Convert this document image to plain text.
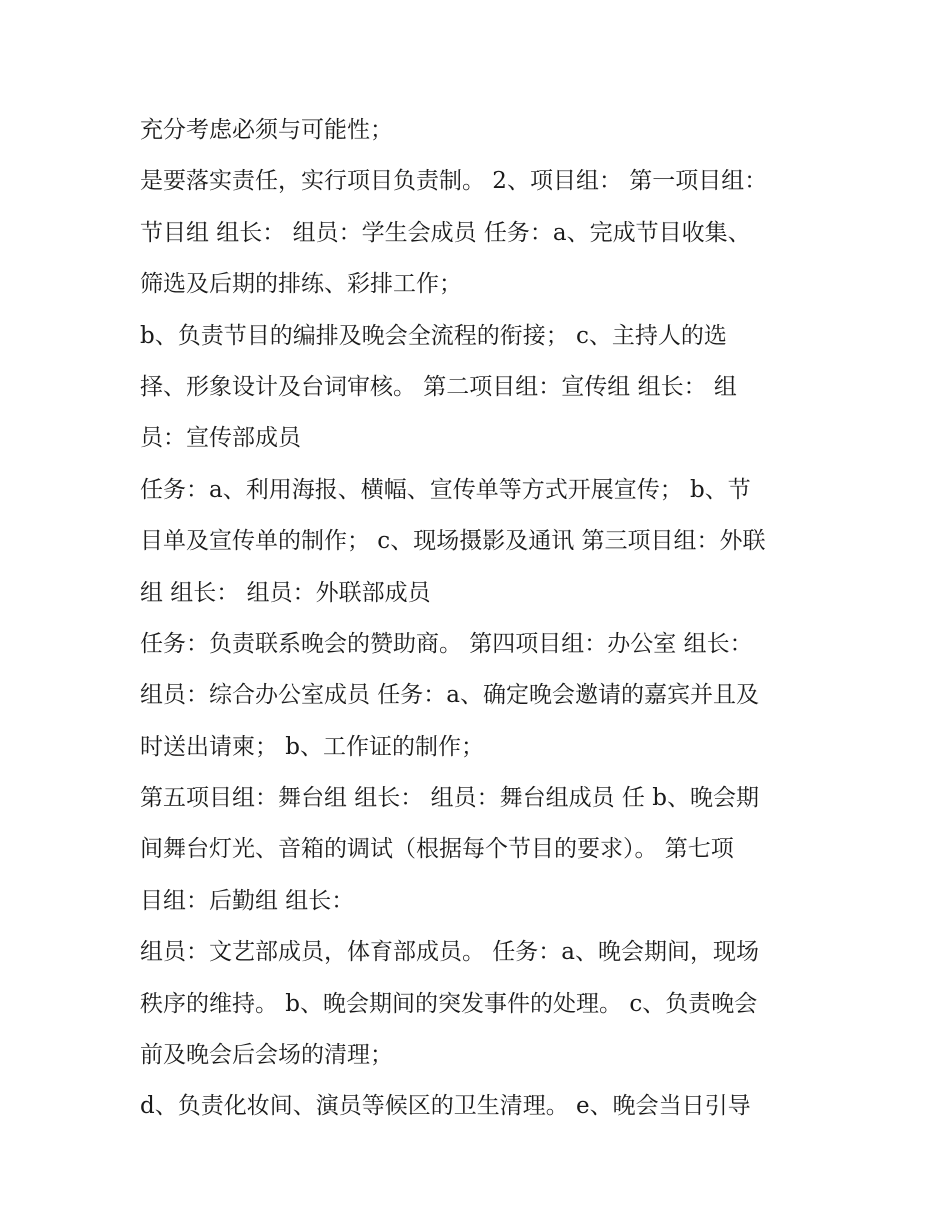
充分考虑必须与可能性；
是要落实责任，实行项目负责制。 2、项目组： 第一项目组：
节目组 组长： 组员：学生会成员 任务：a、完成节目收集、
筛选及后期的排练、彩排工作；
b、负责节目的编排及晚会全流程的衔接； c、主持人的选
择、形象设计及台词审核。 第二项目组：宣传组 组长： 组
员：宣传部成员
任务：a、利用海报、横幅、宣传单等方式开展宣传； b、节
目单及宣传单的制作； c、现场摄影及通讯 第三项目组：外联
组 组长： 组员：外联部成员
任务：负责联系晚会的赞助商。 第四项目组：办公室 组长：
组员：综合办公室成员 任务：a、确定晚会邀请的嘉宾并且及
时送出请柬； b、工作证的制作；
第五项目组：舞台组 组长： 组员：舞台组成员 任 b、晚会期
间舞台灯光、音箱的调试（根据每个节目的要求）。 第七项
目组：后勤组 组长：
组员：文艺部成员，体育部成员。 任务：a、晚会期间，现场
秩序的维持。 b、晚会期间的突发事件的处理。 c、负责晚会
前及晚会后会场的清理；
d、负责化妆间、演员等候区的卫生清理。 e、晚会当日引导
